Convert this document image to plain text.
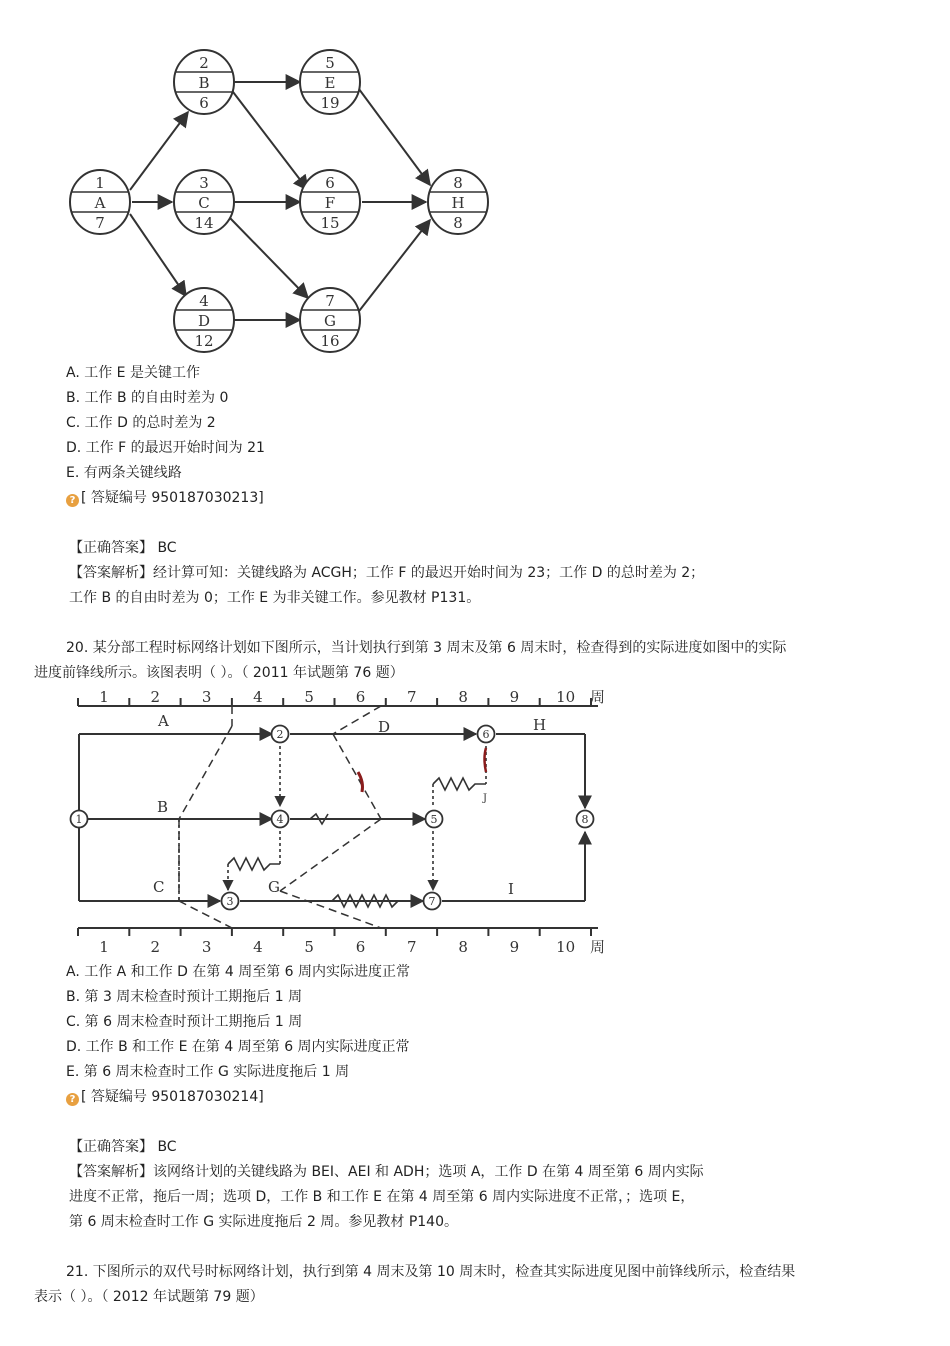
1
A
7
2
B
6
3
C
14
4
D
12
5
E
19
6
F
15
7
G
16
8
H
8
A. 工作 E 是关键工作
B. 工作 B 的自由时差为 0
C. 工作 D 的总时差为 2
D. 工作 F 的最迟开始时间为 21
E. 有两条关键线路
? [ 答疑编号 950187030213]
【正确答案】 BC
【答案解析】经计算可知：关键线路为 ACGH；工作 F 的最迟开始时间为 23；工作 D 的总时差为 2；
工作 B 的自由时差为 0；工作 E 为非关键工作。参见教材 P131。
20. 某分部工程时标网络计划如下图所示，当计划执行到第 3 周末及第 6 周末时，检查得到的实际进度如图中的实际
进度前锋线所示。该图表明（ ）。（ 2011 年试题第 76 题）
1
1
2
2
3
3
4
4
5
5
6
6
7
7
8
8
9
9
10
10
周
周
A	D	H
B
C	G	I
J
1
2
3
4	5
6
7
8
A. 工作 A 和工作 D 在第 4 周至第 6 周内实际进度正常
B. 第 3 周末检查时预计工期拖后 1 周
C. 第 6 周末检查时预计工期拖后 1 周
D. 工作 B 和工作 E 在第 4 周至第 6 周内实际进度正常
E. 第 6 周末检查时工作 G 实际进度拖后 1 周
? [ 答疑编号 950187030214]
【正确答案】 BC
【答案解析】该网络计划的关键线路为 BEI、AEI 和 ADH；选项 A，工作 D 在第 4 周至第 6 周内实际
进度不正常，拖后一周；选项 D，工作 B 和工作 E 在第 4 周至第 6 周内实际进度不正常，；选项 E，
第 6 周末检查时工作 G 实际进度拖后 2 周。参见教材 P140。
21. 下图所示的双代号时标网络计划，执行到第 4 周末及第 10 周末时，检查其实际进度见图中前锋线所示，检查结果
表示（ ）。（ 2012 年试题第 79 题）
